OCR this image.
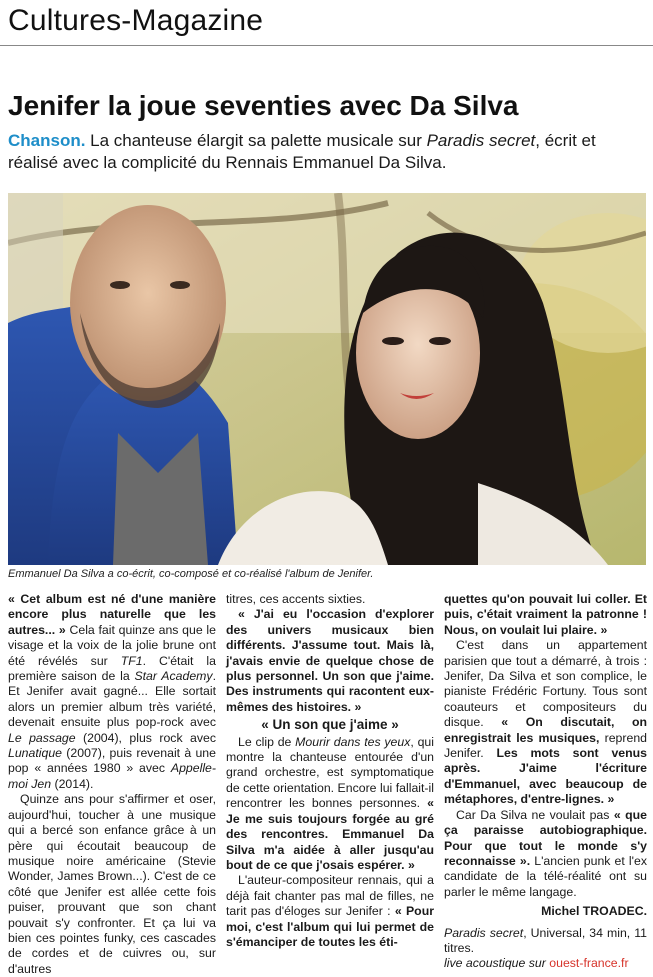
Cultures-Magazine
Jenifer la joue seventies avec Da Silva
Chanson. La chanteuse élargit sa palette musicale sur Paradis secret, écrit et réalisé avec la complicité du Rennais Emmanuel Da Silva.
Emmanuel Da Silva a co-écrit, co-composé et co-réalisé l'album de Jenifer.

« Cet album est né d'une manière encore plus naturelle que les autres... » Cela fait quinze ans que le visage et la voix de la jolie brune ont été révélés sur TF1. C'était la première saison de la Star Academy. Et Jenifer avait gagné... Elle sortait alors un premier album très variété, devenait ensuite plus pop-rock avec Le passage (2004), plus rock avec Lunatique (2007), puis revenait à une pop « années 1980 » avec Appelle-moi Jen (2014).

Quinze ans pour s'affirmer et oser, aujourd'hui, toucher à une musique qui a bercé son enfance grâce à un père qui écoutait beaucoup de musique noire américaine (Stevie Wonder, James Brown...). C'est de ce côté que Jenifer est allée cette fois puiser, prouvant que son chant pouvait s'y confronter. Et ça lui va bien ces pointes funky, ces cascades de cordes et de cuivres ou, sur d'autres

titres, ces accents sixties.

« J'ai eu l'occasion d'explorer des univers musicaux bien différents. J'assume tout. Mais là, j'avais envie de quelque chose de plus personnel. Un son que j'aime. Des instruments qui racontent eux-mêmes des histoires. »

« Un son que j'aime »

Le clip de Mourir dans tes yeux, qui montre la chanteuse entourée d'un grand orchestre, est symptomatique de cette orientation. Encore lui fallait-il rencontrer les bonnes personnes. « Je me suis toujours forgée au gré des rencontres. Emmanuel Da Silva m'a aidée à aller jusqu'au bout de ce que j'osais espérer. »

L'auteur-compositeur rennais, qui a déjà fait chanter pas mal de filles, ne tarit pas d'éloges sur Jenifer : « Pour moi, c'est l'album qui lui permet de s'émanciper de toutes les éti-

quettes qu'on pouvait lui coller. Et puis, c'était vraiment la patronne ! Nous, on voulait lui plaire. »

C'est dans un appartement parisien que tout a démarré, à trois : Jenifer, Da Silva et son complice, le pianiste Frédéric Fortuny. Tous sont coauteurs et compositeurs du disque. « On discutait, on enregistrait les musiques, reprend Jenifer. Les mots sont venus après. J'aime l'écriture d'Emmanuel, avec beaucoup de métaphores, d'entre-lignes. »

Car Da Silva ne voulait pas « que ça paraisse autobiographique. Pour que tout le monde s'y reconnaisse ». L'ancien punk et l'ex candidate de la télé-réalité ont su parler le même langage.

Michel TROADEC.

Paradis secret, Universal, 34 min, 11 titres.

live acoustique sur ouest-france.fr
